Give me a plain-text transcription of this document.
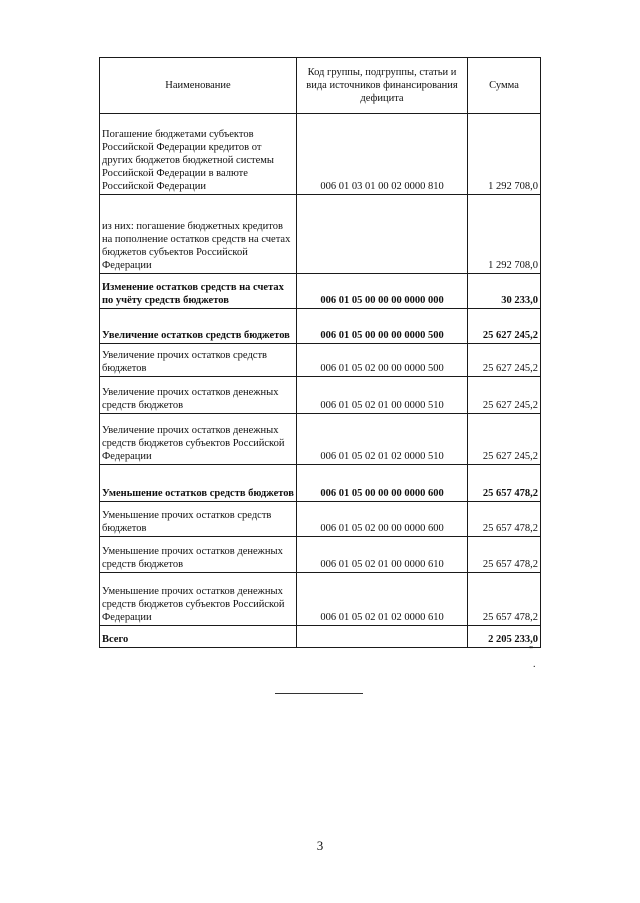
Наименование	Код группы, подгруппы, статьи и вида источников финансирования дефицита	Сумма
Погашение бюджетами субъектов Российской Федерации кредитов от других бюджетов бюджетной системы Российской Федерации в валюте Российской Федерации	006 01 03 01 00 02 0000 810	1 292 708,0
из них: погашение бюджетных кредитов на пополнение остатков средств на счетах бюджетов субъектов Российской Федерации		1 292 708,0
Изменение остатков средств на счетах по учёту средств бюджетов	006 01 05 00 00 00 0000 000	30 233,0
Увеличение остатков средств бюджетов	006 01 05 00 00 00 0000 500	25 627 245,2
Увеличение прочих остатков средств бюджетов	006 01 05 02 00 00 0000 500	25 627 245,2
Увеличение прочих остатков денежных средств бюджетов	006 01 05 02 01 00 0000 510	25 627 245,2
Увеличение прочих остатков денежных средств бюджетов субъектов Российской Федерации	006 01 05 02 01 02 0000 510	25 627 245,2
Уменьшение остатков средств бюджетов	006 01 05 00 00 00 0000 600	25 657 478,2
Уменьшение прочих остатков средств бюджетов	006 01 05 02 00 00 0000 600	25 657 478,2
Уменьшение прочих остатков денежных средств бюджетов	006 01 05 02 01 00 0000 610	25 657 478,2
Уменьшение прочих остатков денежных средств бюджетов субъектов Российской Федерации	006 01 05 02 01 02 0000 610	25 657 478,2
Всего		2 205 233,0
"
.
3
